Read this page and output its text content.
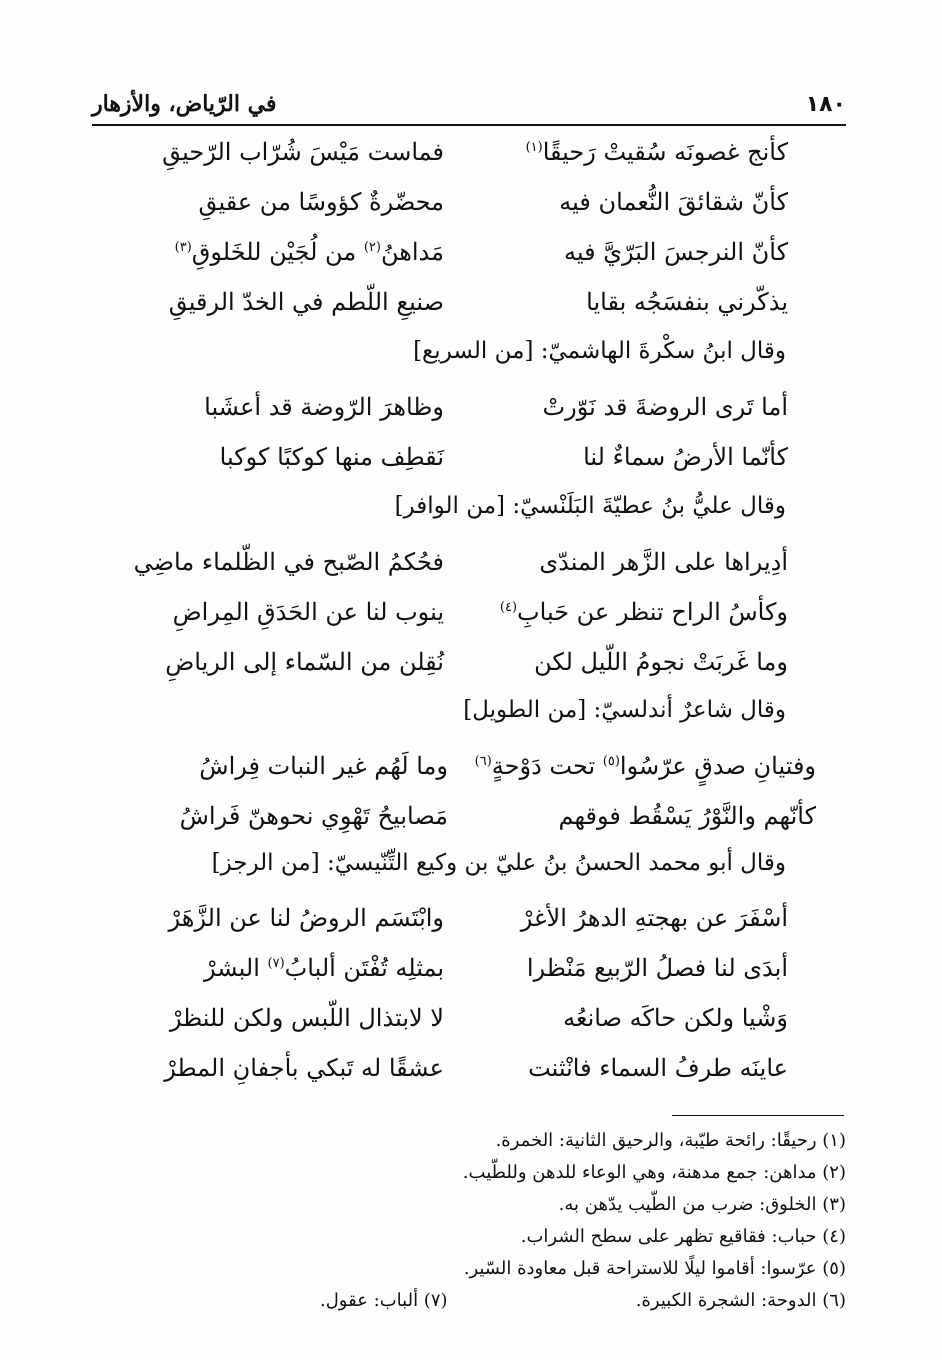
١٨٠
في الرّياض، والأزهار
كأنج غصونَه سُقيتْ رَحيقًا$^{(١)}$
فماست مَيْسَ شُرّاب الرّحيقِ
كأنّ شقائقَ النُّعمان فيه
محضّرةٌ كؤوسًا من عقيقِ
كأنّ النرجسَ البَرّيَّ فيه
مَداهنُ$^{(٢)}$ من لُجَيْن للخَلوقِ$^{(٣)}$
يذكّرني بنفسَجُه بقايا
صنيعِ اللّطم في الخدّ الرقيقِ
وقال ابنُ سكْرةَ الهاشميّ: [من السريع]
أما تَرى الروضةَ قد نَوّرتْ
وظاهرَ الرّوضة قد أعشَبا
كأنّما الأرضُ سماءٌ لنا
نَقطِف منها كوكبًا كوكبا
وقال عليُّ بنُ عطيّةَ البَلَنْسيّ: [من الوافر]
أدِيراها على الزَّهر المندّى
فحُكمُ الصّبح في الظّلماء ماضِي
وكأسُ الراح تنظر عن حَبابِ$^{(٤)}$
ينوب لنا عن الحَدَقِ المِراضِ
وما غَربَتْ نجومُ اللّيل لكن
نُقِلن من السّماء إلى الرياضِ
وقال شاعرٌ أندلسيّ: [من الطويل]
وفتيانِ صدقٍ عرّسُوا$^{(٥)}$ تحت دَوْحةٍ$^{(٦)}$
وما لَهُم غير النبات فِراشُ
كأنّهم والنَّوْرُ يَسْقُط فوقهم
مَصابيحُ تَهْوِي نحوهنّ فَراشُ
وقال أبو محمد الحسنُ بنُ عليّ بن وكيع التِّنّيسيّ: [من الرجز]
أسْفَرَ عن بهجتهِ الدهرُ الأغرْ
وابْتَسَم الروضُ لنا عن الزَّهَرْ
أبدَى لنا فصلُ الرّبيع مَنْظرا
بمثلِه تُفْتَن ألبابُ$^{(٧)}$ البشرْ
وَشْيا ولكن حاكَه صانعُه
لا لابتذال اللّبس ولكن للنظرْ
عاينَه طرفُ السماء فانْثنت
عشقًا له تَبكي بأجفانِ المطرْ
(١) رحيقًا: رائحة طيّبة، والرحيق الثانية: الخمرة.
(٢) مداهن: جمع مدهنة، وهي الوعاء للدهن وللطّيب.
(٣) الخلوق: ضرب من الطّيب يدّهن به.
(٤) حباب: فقاقيع تظهر على سطح الشراب.
(٥) عرّسوا: أقاموا ليلًا للاستراحة قبل معاودة السّير.
(٦) الدوحة: الشجرة الكبيرة.
(٧) ألباب: عقول.
